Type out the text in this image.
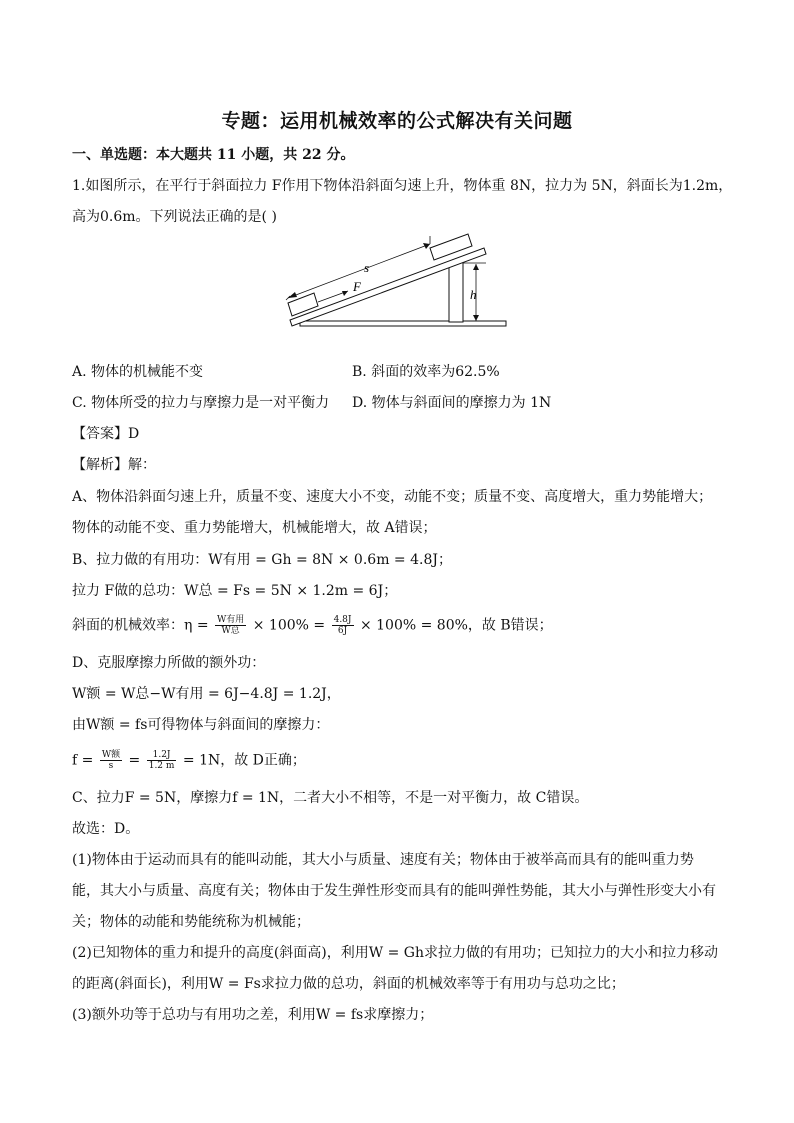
专题：运用机械效率的公式解决有关问题
一、单选题：本大题共 11 小题，共 22 分。
1.如图所示，在平行于斜面拉力 F作用下物体沿斜面匀速上升，物体重 8N，拉力为 5N，斜面长为1.2m，
高为0.6m。下列说法正确的是( )
s
F
h
A. 物体的机械能不变	B. 斜面的效率为62.5%
C. 物体所受的拉力与摩擦力是一对平衡力 D. 物体与斜面间的摩擦力为 1N
【答案】D
【解析】解：
A、物体沿斜面匀速上升，质量不变、速度大小不变，动能不变；质量不变、高度增大，重力势能增大；
物体的动能不变、重力势能增大，机械能增大，故 A错误；
B、拉力做的有用功：W有用 = Gh = 8N × 0.6m = 4.8J；
拉力 F做的总功：W总 = Fs = 5N × 1.2m = 6J；
斜面的机械效率：$\eta = \frac{\text{W有用}}{\text{W总}} \times 100\% = \frac{4.8J}{6J} \times 100\% = 80\%$，故 B错误；
D、克服摩擦力所做的额外功：
W额 = W总−W有用 = 6J−4.8J = 1.2J，
由W额 = fs可得物体与斜面间的摩擦力：
$f = \frac{\text{W额}}{s} = \frac{1.2J}{1.2 m} = 1N$，故 D正确；
C、拉力F = 5N，摩擦力f = 1N，二者大小不相等，不是一对平衡力，故 C错误。
故选：D。
(1)物体由于运动而具有的能叫动能，其大小与质量、速度有关；物体由于被举高而具有的能叫重力势
能，其大小与质量、高度有关；物体由于发生弹性形变而具有的能叫弹性势能，其大小与弹性形变大小有
关；物体的动能和势能统称为机械能；
(2)已知物体的重力和提升的高度(斜面高)，利用W = Gh求拉力做的有用功；已知拉力的大小和拉力移动
的距离(斜面长)，利用W = Fs求拉力做的总功，斜面的机械效率等于有用功与总功之比；
(3)额外功等于总功与有用功之差，利用W = fs求摩擦力；
